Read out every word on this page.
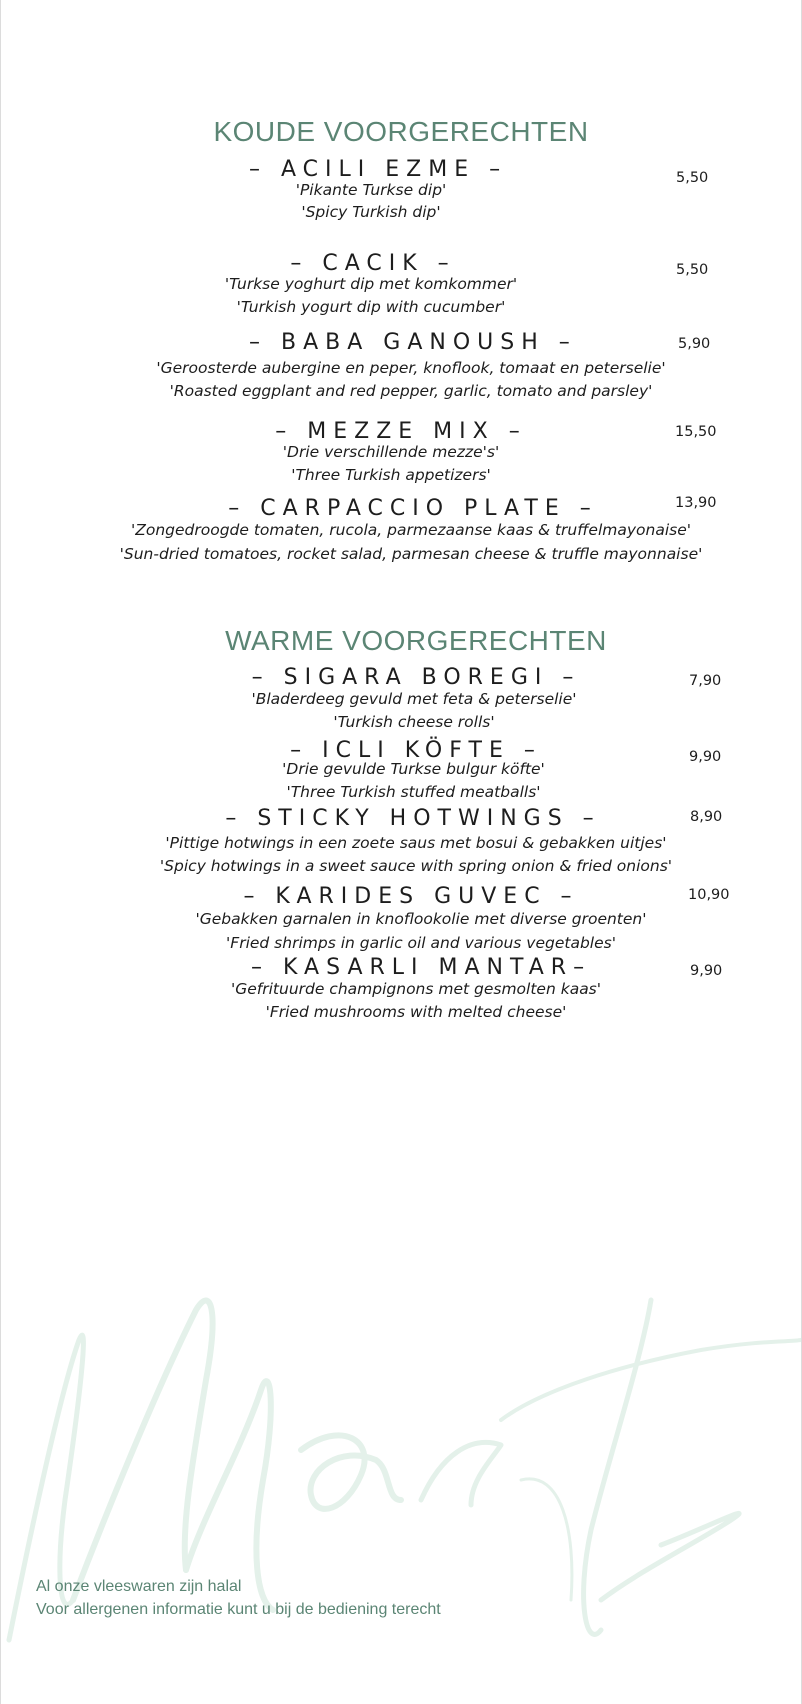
KOUDE VOORGERECHTEN
– ACILI EZME –
'Pikante Turkse dip'
'Spicy Turkish dip'
5,50
– CACIK –
'Turkse yoghurt dip met komkommer'
'Turkish yogurt dip with cucumber'
5,50
– BABA GANOUSH –
'Geroosterde aubergine en peper, knoflook, tomaat en peterselie'
'Roasted eggplant and red pepper, garlic, tomato and parsley'
5,90
– MEZZE MIX –
'Drie verschillende mezze's'
'Three Turkish appetizers'
15,50
– CARPACCIO PLATE –
'Zongedroogde tomaten, rucola, parmezaanse kaas & truffelmayonaise'
'Sun-dried tomatoes, rocket salad, parmesan cheese & truffle mayonnaise'
13,90
WARME VOORGERECHTEN
– SIGARA BOREGI –
'Bladerdeeg gevuld met feta & peterselie'
'Turkish cheese rolls'
7,90
– ICLI KÖFTE –
'Drie gevulde Turkse bulgur köfte'
'Three Turkish stuffed meatballs'
9,90
– STICKY HOTWINGS –
'Pittige hotwings in een zoete saus met bosui & gebakken uitjes'
'Spicy hotwings in a sweet sauce with spring onion & fried onions'
8,90
– KARIDES GUVEC –
'Gebakken garnalen in knoflookolie met diverse groenten'
'Fried shrimps in garlic oil and various vegetables'
10,90
– KASARLI MANTAR–
'Gefrituurde champignons met gesmolten kaas'
'Fried mushrooms with melted cheese'
9,90
Al onze vleeswaren zijn halal
Voor allergenen informatie kunt u bij de bediening terecht
